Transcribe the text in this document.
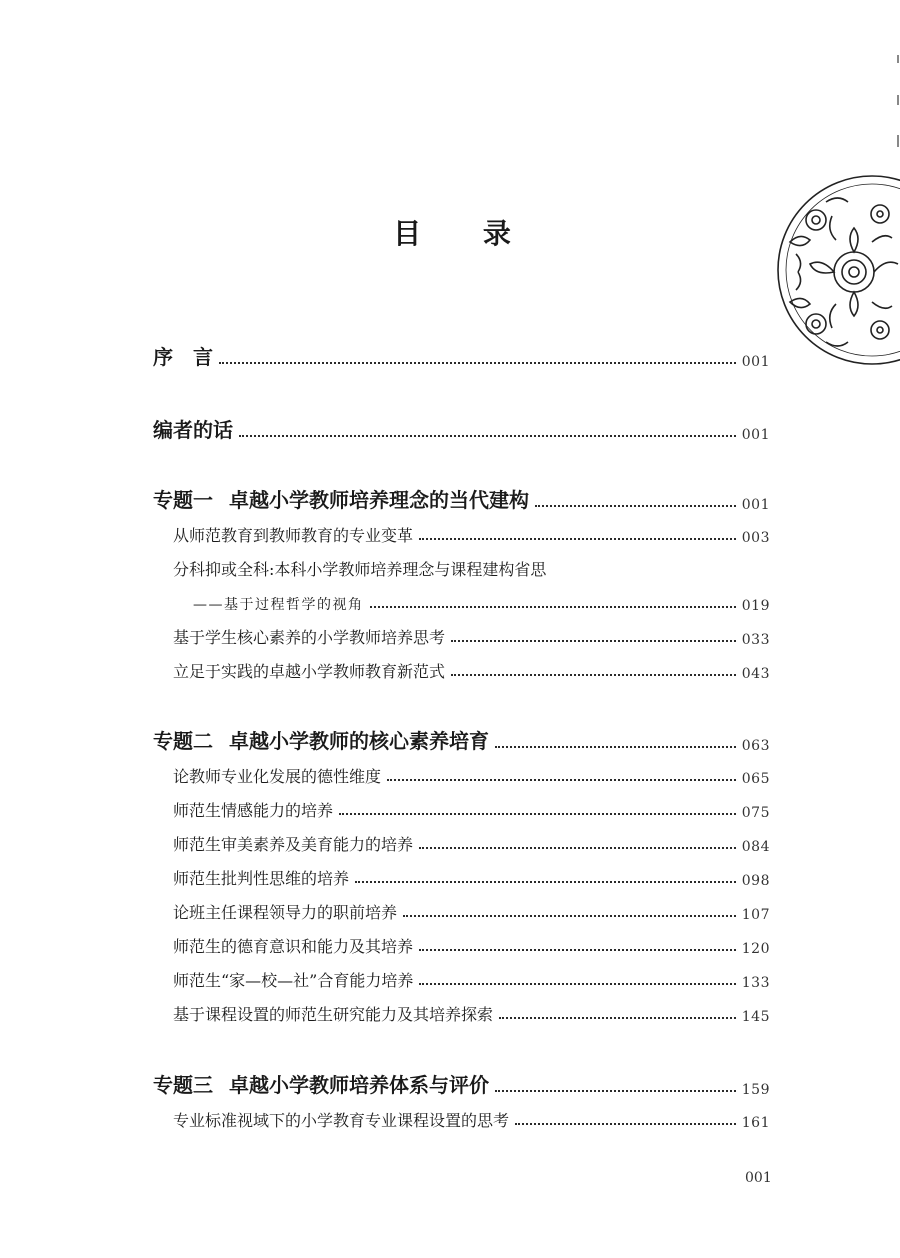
目 录
序 言	001
编者的话	001
专题一 卓越小学教师培养理念的当代建构	001
从师范教育到教师教育的专业变革	003
分科抑或全科:本科小学教师培养理念与课程建构省思
——基于过程哲学的视角	019
基于学生核心素养的小学教师培养思考	033
立足于实践的卓越小学教师教育新范式	043
专题二 卓越小学教师的核心素养培育	063
论教师专业化发展的德性维度	065
师范生情感能力的培养	075
师范生审美素养及美育能力的培养	084
师范生批判性思维的培养	098
论班主任课程领导力的职前培养	107
师范生的德育意识和能力及其培养	120
师范生“家—校—社”合育能力培养	133
基于课程设置的师范生研究能力及其培养探索	145
专题三 卓越小学教师培养体系与评价	159
专业标准视域下的小学教育专业课程设置的思考	161
001
